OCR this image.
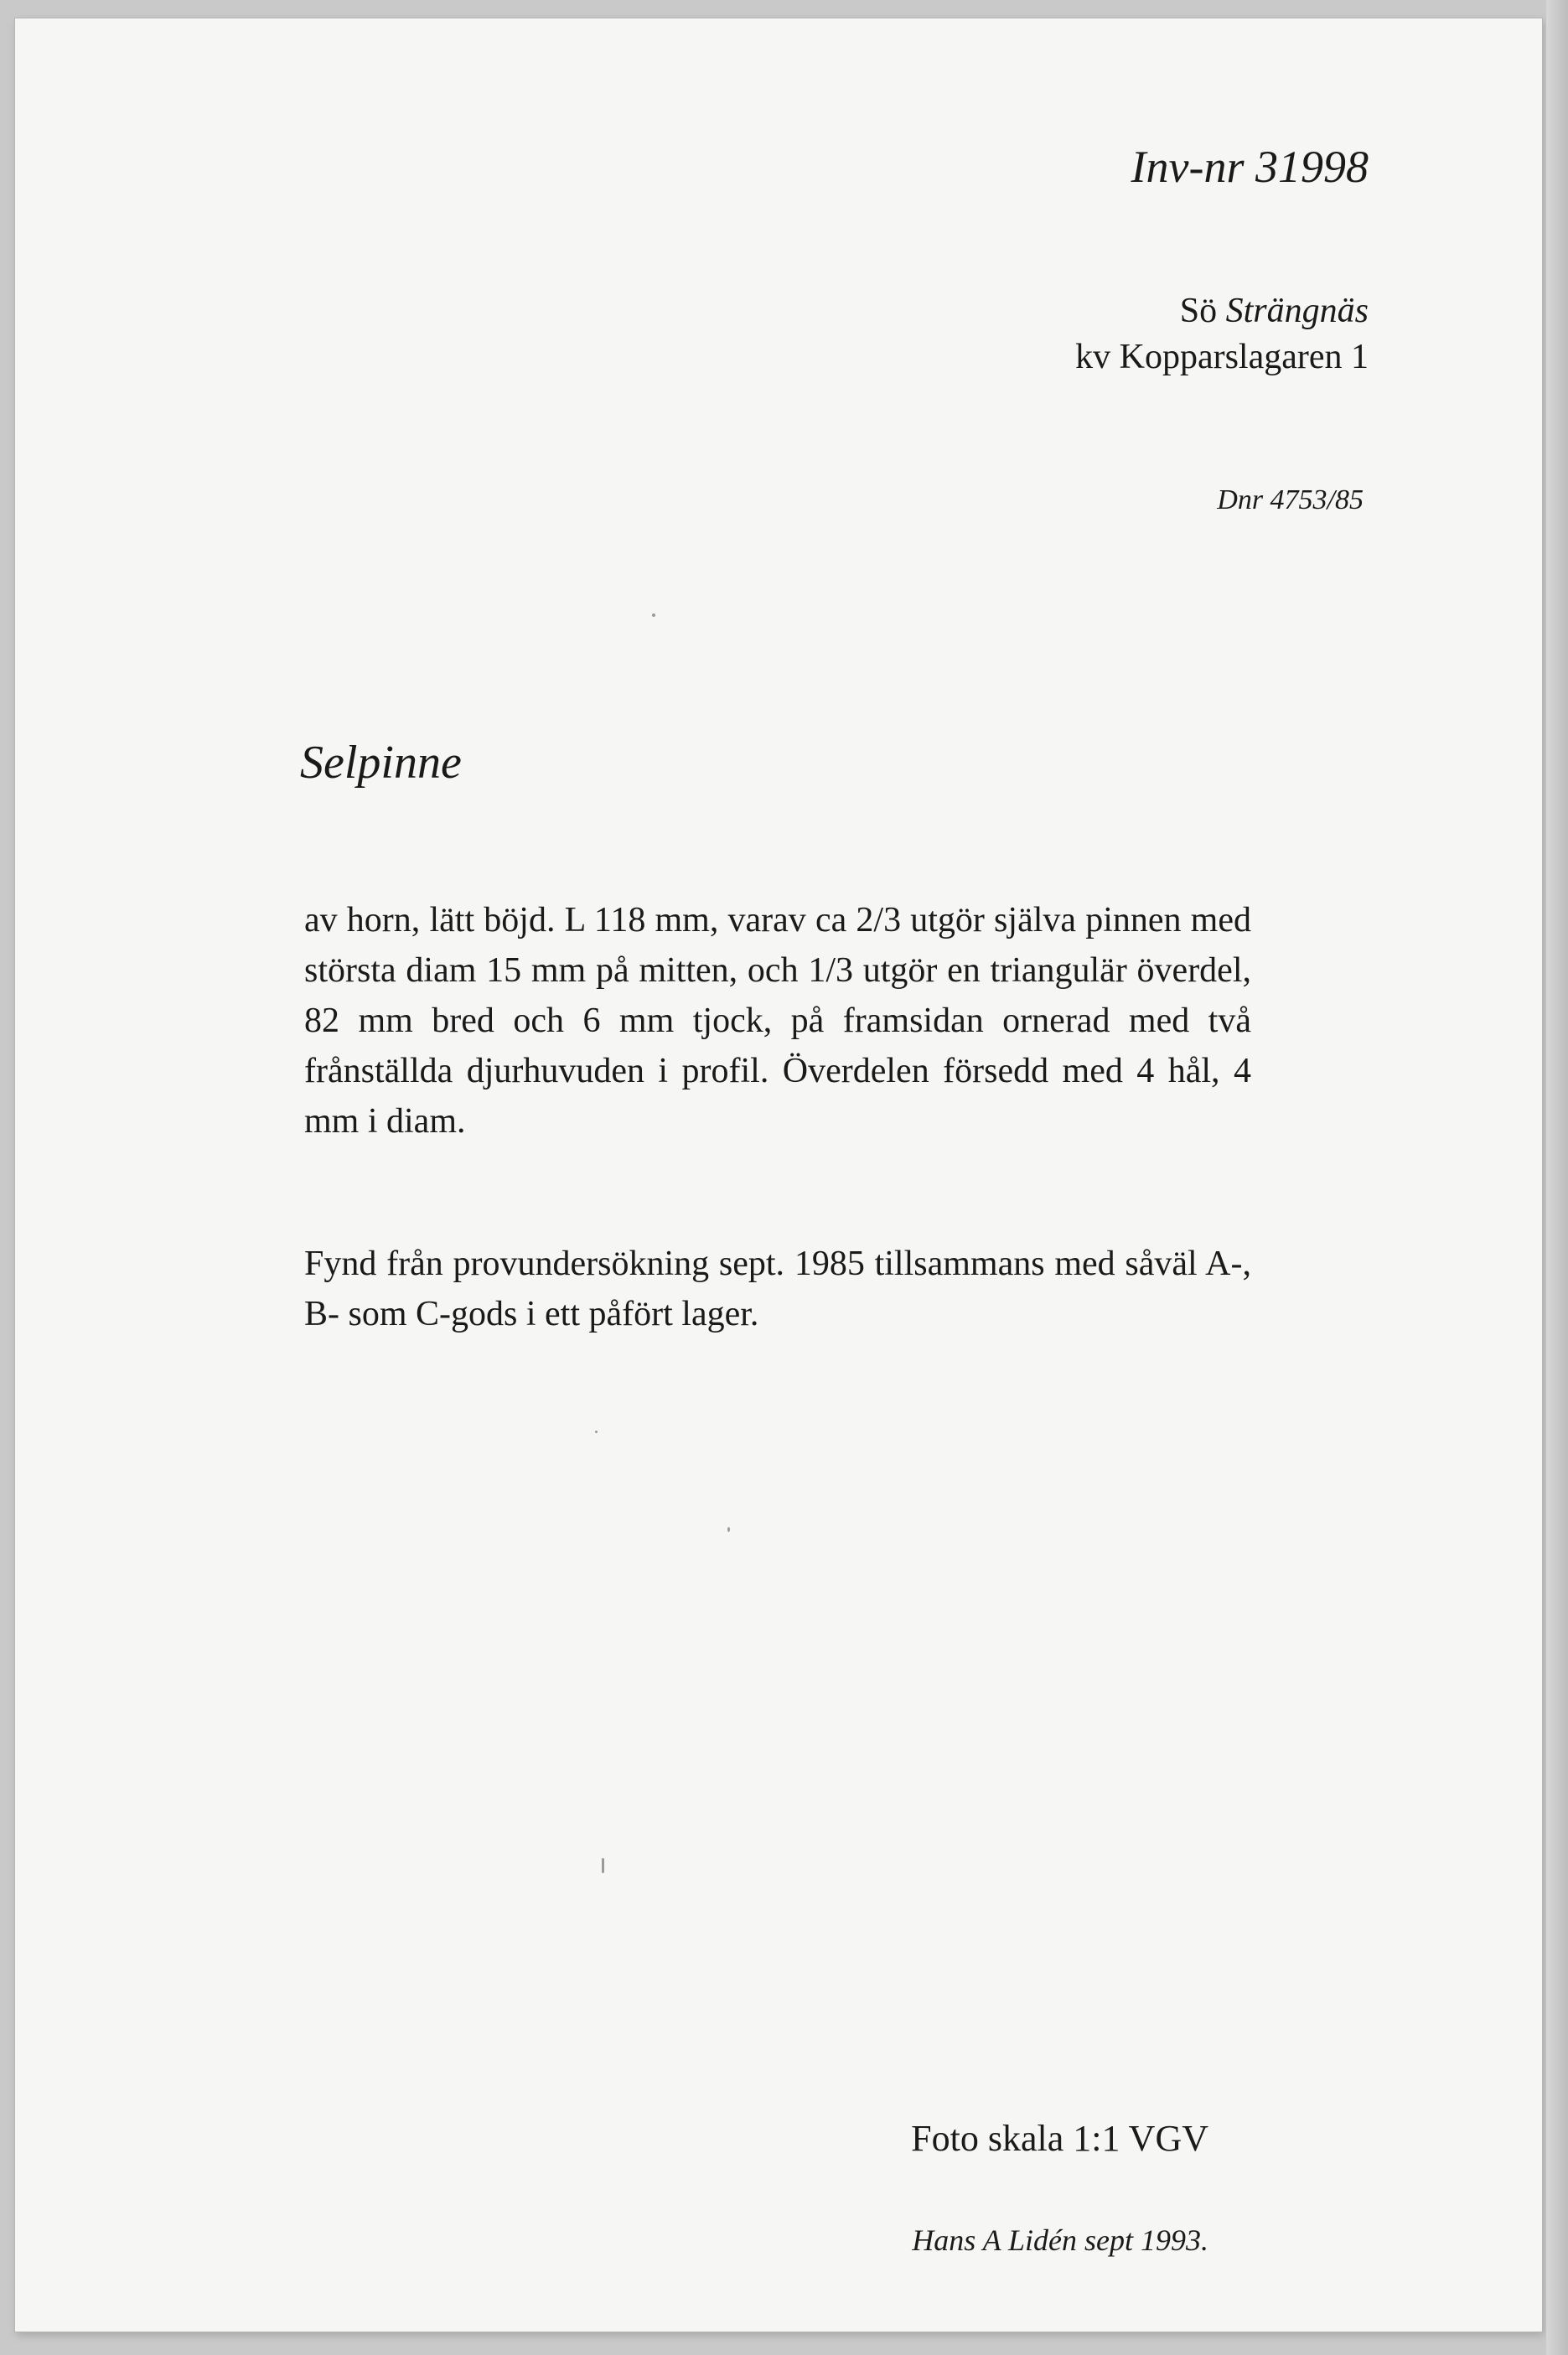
Inv-nr 31998

Sö Strängnäs
kv Kopparslagaren 1
Dnr 4753/85
Selpinne

av horn, lätt böjd. L 118 mm, varav ca 2/3 utgör själva pinnen med största diam 15 mm på mitten, och 1/3 utgör en triangulär överdel, 82 mm bred och 6 mm tjock, på framsidan ornerad med två frånställda djurhuvuden i profil. Överdelen försedd med 4 hål, 4 mm i diam.

Fynd från provundersökning sept. 1985 tillsammans med såväl A-, B- som C-gods i ett påfört lager.

Foto skala 1:1 VGV
Hans A Lidén sept 1993.
